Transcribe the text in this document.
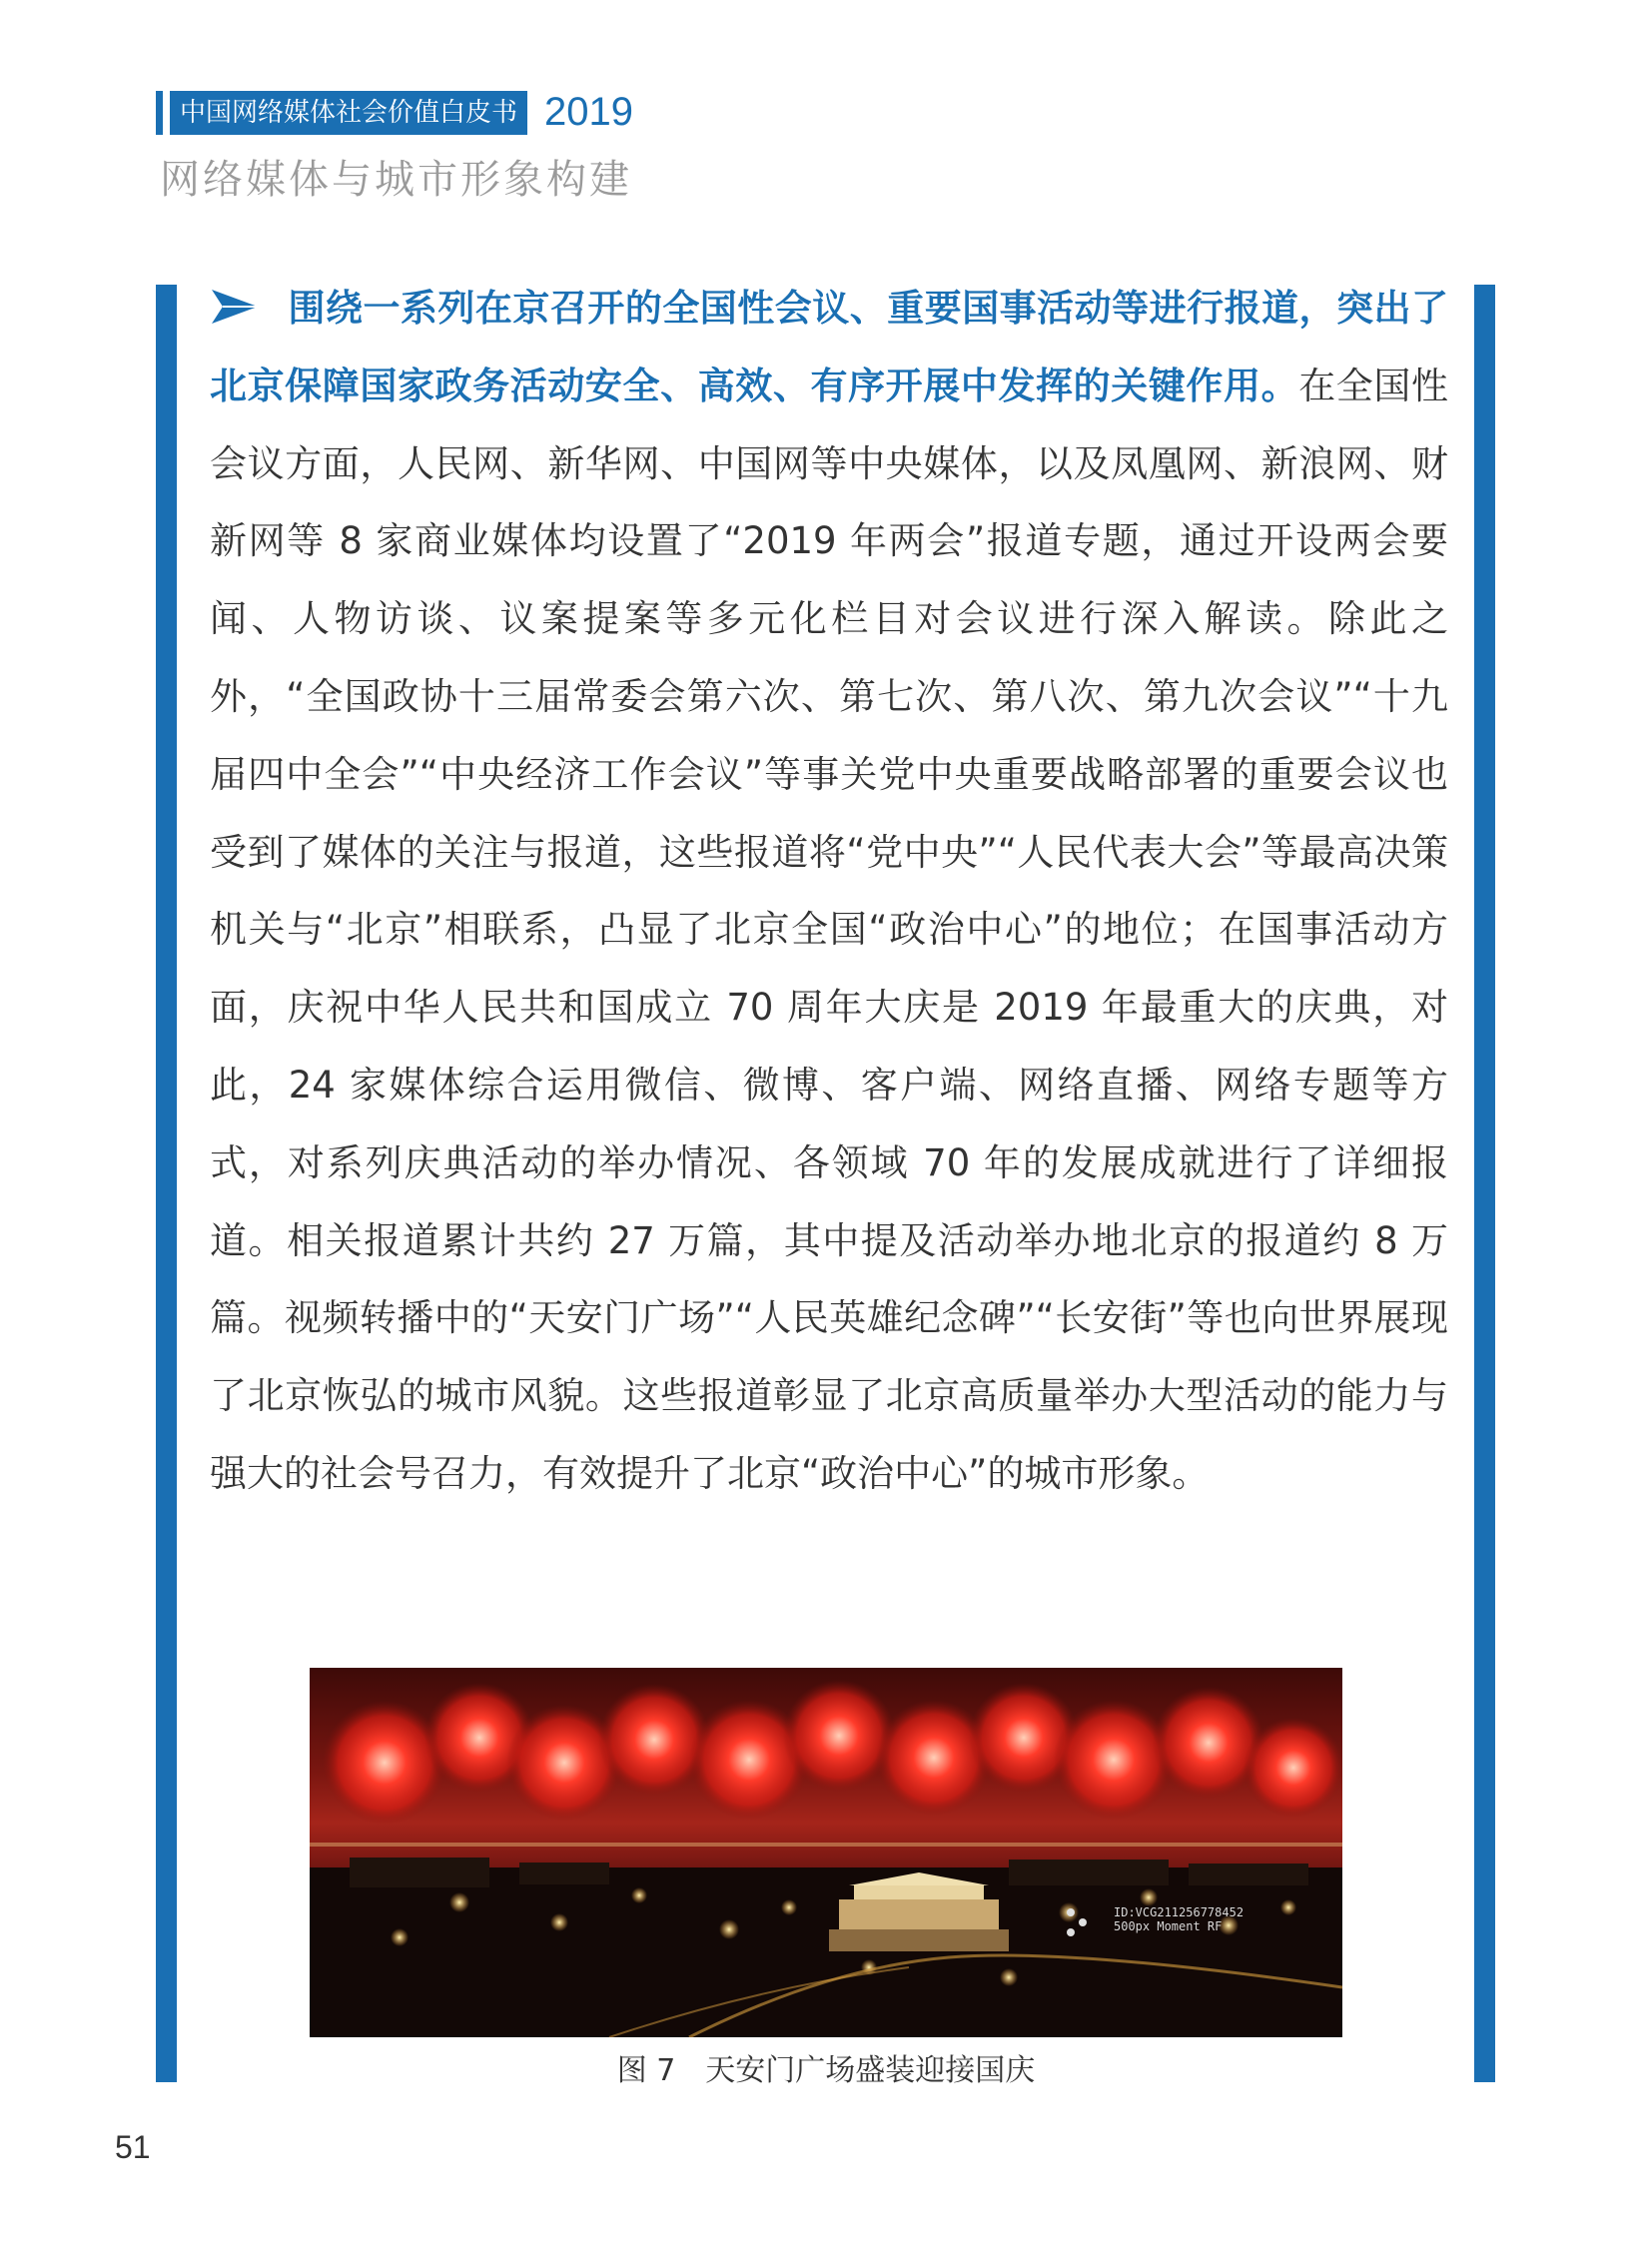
中国网络媒体社会价值白皮书 2019
网络媒体与城市形象构建
围绕一系列在京召开的全国性会议、重要国事活动等进行报道，突出了北京保障国家政务活动安全、高效、有序开展中发挥的关键作用。在全国性会议方面，人民网、新华网、中国网等中央媒体，以及凤凰网、新浪网、财新网等 8 家商业媒体均设置了“2019 年两会”报道专题，通过开设两会要闻、人物访谈、议案提案等多元化栏目对会议进行深入解读。除此之外，“全国政协十三届常委会第六次、第七次、第八次、第九次会议”“十九届四中全会”“中央经济工作会议”等事关党中央重要战略部署的重要会议也受到了媒体的关注与报道，这些报道将“党中央”“人民代表大会”等最高决策机关与“北京”相联系，凸显了北京全国“政治中心”的地位；在国事活动方面，庆祝中华人民共和国成立 70 周年大庆是 2019 年最重大的庆典，对此，24 家媒体综合运用微信、微博、客户端、网络直播、网络专题等方式，对系列庆典活动的举办情况、各领域 70 年的发展成就进行了详细报道。相关报道累计共约 27 万篇，其中提及活动举办地北京的报道约 8 万篇。视频转播中的“天安门广场”“人民英雄纪念碑”“长安街”等也向世界展现了北京恢弘的城市风貌。这些报道彰显了北京高质量举办大型活动的能力与强大的社会号召力，有效提升了北京“政治中心”的城市形象。
ID:VCG211256778452
500px Moment RF
图 7　天安门广场盛装迎接国庆
51
